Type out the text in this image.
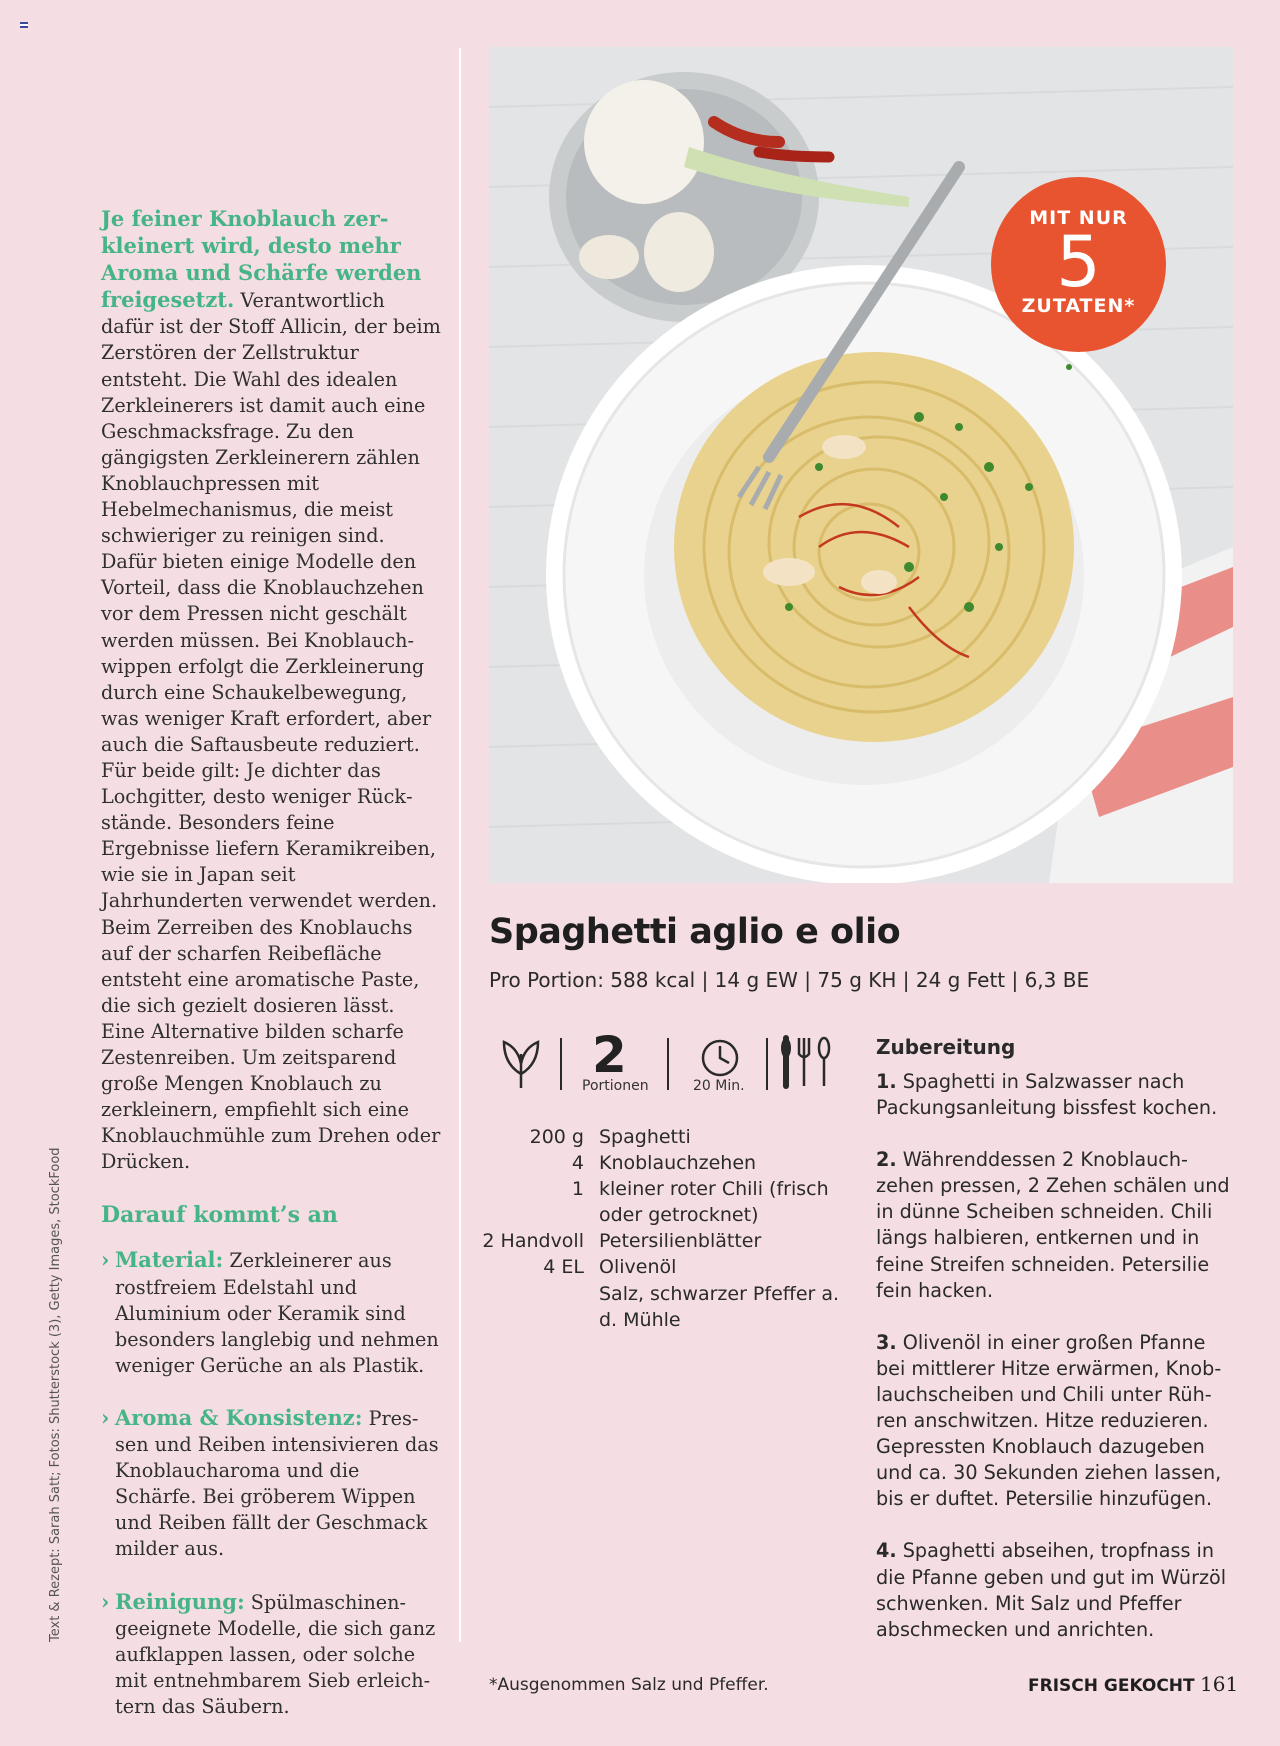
Text & Rezept: Sarah Satt; Fotos: Shutterstock (3), Getty Images, StockFood
Je feiner Knoblauch zerkleinert wird, desto mehr Aroma und Schärfe werden freigesetzt. Verantwortlich dafür ist der Stoff Allicin, der beim Zerstören der Zellstruktur entsteht. Die Wahl des idealen Zerkleinerers ist damit auch eine Geschmacksfrage. Zu den gängigsten Zerkleinerern zählen Knoblauchpressen mit Hebelmechanismus, die meist schwieriger zu reinigen sind. Dafür bieten einige Modelle den Vorteil, dass die Knoblauchzehen vor dem Pressen nicht geschält werden müssen. Bei Knoblauchwippen erfolgt die Zerkleinerung durch eine Schaukelbewegung, was weniger Kraft erfordert, aber auch die Saftausbeute reduziert. Für beide gilt: Je dichter das Lochgitter, desto weniger Rückstände. Besonders feine Ergebnisse liefern Keramikreiben, wie sie in Japan seit Jahrhunderten verwendet werden. Beim Zerreiben des Knoblauchs auf der scharfen Reibefläche entsteht eine aromatische Paste, die sich gezielt dosieren lässt. Eine Alternative bilden scharfe Zestenreiben. Um zeitsparend große Mengen Knoblauch zu zerkleinern, empfiehlt sich eine Knoblauchmühle zum Drehen oder Drücken.
Darauf kommt’s an
› Material: Zerkleinerer aus rostfreiem Edelstahl und Aluminium oder Keramik sind besonders langlebig und nehmen weniger Gerüche an als Plastik.
› Aroma & Konsistenz: Pressen und Reiben intensivieren das Knoblaucharoma und die Schärfe. Bei gröberem Wippen und Reiben fällt der Geschmack milder aus.
› Reinigung: Spülmaschinengeeignete Modelle, die sich ganz aufklappen lassen, oder solche mit entnehmbarem Sieb erleichtern das Säubern.
MIT NUR
5
ZUTATEN*
Spaghetti aglio e olio
Pro Portion: 588 kcal | 14 g EW | 75 g KH | 24 g Fett | 6,3 BE
2
Portionen	20 Min.
200 g Spaghetti
4 Knoblauchzehen
1 kleiner roter Chili (frisch oder getrocknet)
2 Handvoll Petersilienblätter
4 EL Olivenöl
Salz, schwarzer Pfeffer a. d. Mühle
Zubereitung
1. Spaghetti in Salzwasser nach Packungsanleitung bissfest kochen.
2. Währenddessen 2 Knoblauchzehen pressen, 2 Zehen schälen und in dünne Scheiben schneiden. Chili längs halbieren, entkernen und in feine Streifen schneiden. Petersilie fein hacken.
3. Olivenöl in einer großen Pfanne bei mittlerer Hitze erwärmen, Knoblauchscheiben und Chili unter Rühren anschwitzen. Hitze reduzieren. Gepressten Knoblauch dazugeben und ca. 30 Sekunden ziehen lassen, bis er duftet. Petersilie hinzufügen.
4. Spaghetti abseihen, tropfnass in die Pfanne geben und gut im Würzöl schwenken. Mit Salz und Pfeffer abschmecken und anrichten.
*Ausgenommen Salz und Pfeffer.	FRISCH GEKOCHT 161
